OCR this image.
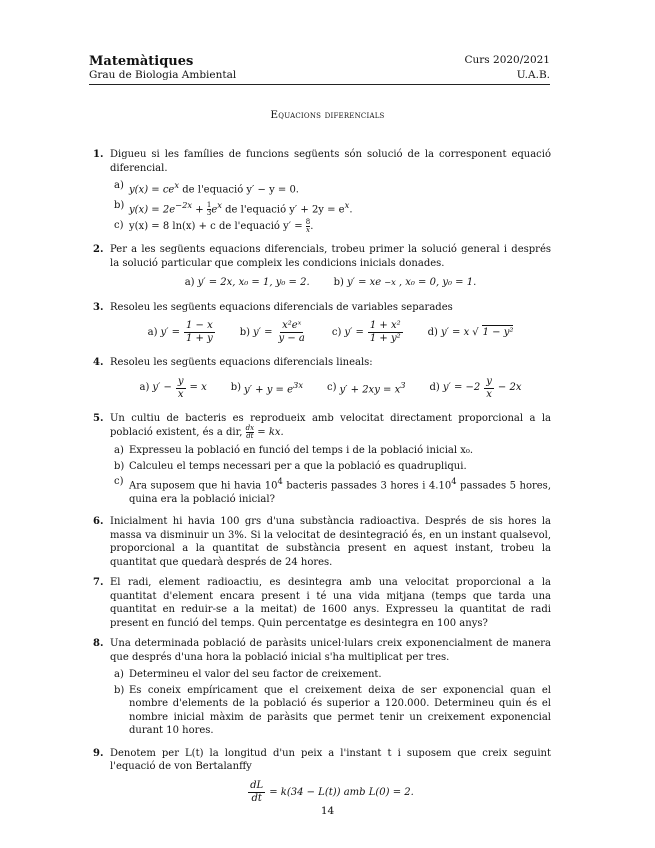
Matemàtiques
Grau de Biologia Ambiental
Curs 2020/2021
U.A.B.
Equacions diferencials
1. Digueu si les famílies de funcions següents són solució de la corresponent equació diferencial.
a) $y(x) = ce^x$ de l'equació y′ − y = 0.
b) $y(x) = 2e^{-2x} + \frac{1}{3} e^x$ de l'equació $y' + 2y = e^x$.
c) y(x) = 8 ln(x) + c de l'equació $y' = \frac{8}{x}$ .
2. Per a les següents equacions diferencials, trobeu primer la solució general i després la solució particular que compleix les condicions inicials donades.
a) y′ = 2x, x₀ = 1, y₀ = 2. b) y′ = xe −x , x₀ = 0, y₀ = 1.
3. Resoleu les següents equacions diferencials de variables separades
a) $y' = \frac{1 - x}{1 + y}$	b) $y' = \frac{\text{x²eˣ}}{y - a}$	c) $y' = \frac{\text{1 + x²}}{\text{1 + y²}}$	d) y′ = x √ 1 − y²
4. Resoleu les següents equacions diferencials lineals:
a) $y' - \frac{y}{x} = x$ b) $y' + y = e^{3x}$ c) $y' + 2xy = x^3$ d) $y' = -2 \frac{y}{x} - 2x$
5. Un cultiu de bacteris es reprodueix amb velocitat directament proporcional a la població existent, és a dir, $\frac{dx}{dt}$ = kx.
a) Expresseu la població en funció del temps i de la població inicial x₀.
b) Calculeu el temps necessari per a que la població es quadrupliqui.
c) Ara suposem que hi havia $10^4$ bacteris passades 3 hores i 4.10$^4$ passades 5 hores, quina era la població inicial?
6. Inicialment hi havia 100 grs d'una substància radioactiva. Després de sis hores la massa va disminuir un 3%. Si la velocitat de desintegració és, en un instant qualsevol, proporcional a la quantitat de substància present en aquest instant, trobeu la quantitat que quedarà després de 24 hores.
7. El radi, element radioactiu, es desintegra amb una velocitat proporcional a la quantitat d'element encara present i té una vida mitjana (temps que tarda una quantitat en reduir-se a la meitat) de 1600 anys. Expresseu la quantitat de radi present en funció del temps. Quin percentatge es desintegra en 100 anys?
8. Una determinada població de paràsits unicel·lulars creix exponencialment de manera que després d'una hora la població inicial s'ha multiplicat per tres.
a) Determineu el valor del seu factor de creixement.
b) Es coneix empíricament que el creixement deixa de ser exponencial quan el nombre d'elements de la població és superior a 120.000. Determineu quin és el nombre inicial màxim de paràsits que permet tenir un creixement exponencial durant 10 hores.
9. Denotem per L(t) la longitud d'un peix a l'instant t i suposem que creix seguint l'equació de von Bertalanffy
$\frac{dL}{dt} = k(34 - L(t))$ amb L(0) = 2.
14
